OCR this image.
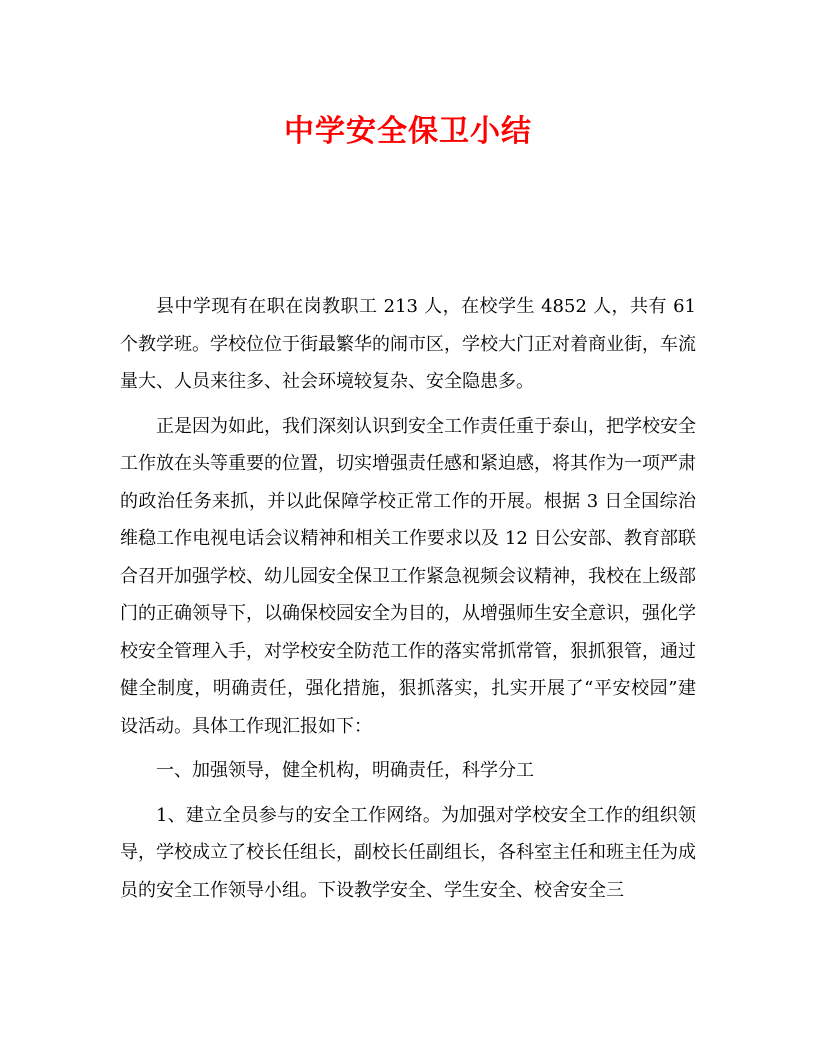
中学安全保卫小结

县中学现有在职在岗教职工 213 人，在校学生 4852 人，共有 61 个教学班。学校位位于街最繁华的闹市区，学校大门正对着商业街，车流量大、人员来往多、社会环境较复杂、安全隐患多。

正是因为如此，我们深刻认识到安全工作责任重于泰山，把学校安全工作放在头等重要的位置，切实增强责任感和紧迫感，将其作为一项严肃的政治任务来抓，并以此保障学校正常工作的开展。根据 3 日全国综治维稳工作电视电话会议精神和相关工作要求以及 12 日公安部、教育部联合召开加强学校、幼儿园安全保卫工作紧急视频会议精神，我校在上级部门的正确领导下，以确保校园安全为目的，从增强师生安全意识，强化学校安全管理入手，对学校安全防范工作的落实常抓常管，狠抓狠管，通过健全制度，明确责任，强化措施，狠抓落实，扎实开展了“平安校园”建设活动。具体工作现汇报如下：

一、加强领导，健全机构，明确责任，科学分工

1、建立全员参与的安全工作网络。为加强对学校安全工作的组织领导，学校成立了校长任组长，副校长任副组长，各科室主任和班主任为成员的安全工作领导小组。下设教学安全、学生安全、校舍安全三
